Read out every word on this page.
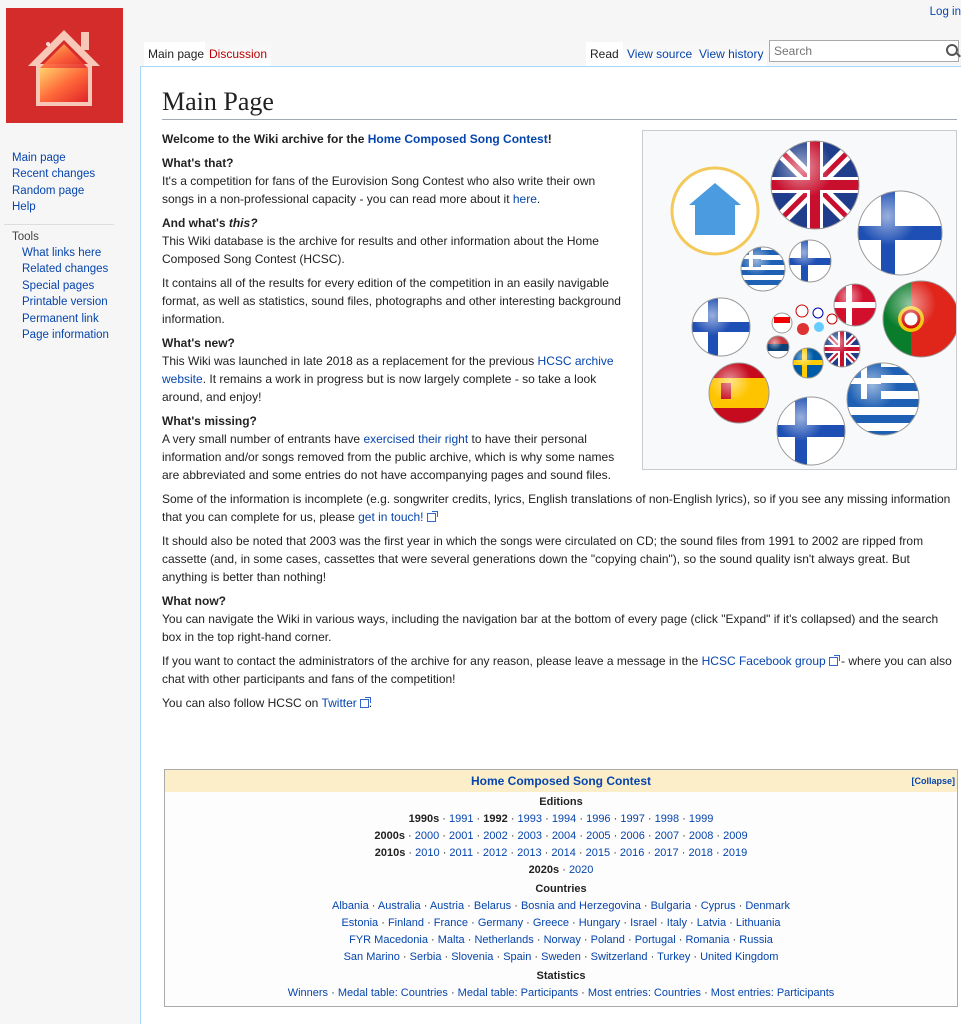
Log in
Main page
Recent changes
Random page
Help
Tools
What links here
Related changes
Special pages
Printable version
Permanent link
Page information
Main page Discussion	Read View source View history
Search
Main Page

Welcome to the Wiki archive for the Home Composed Song Contest!

What's that?

It's a competition for fans of the Eurovision Song Contest who also write their own songs in a non-professional capacity - you can read more about it here.

And what's this?

This Wiki database is the archive for results and other information about the Home Composed Song Contest (HCSC).

It contains all of the results for every edition of the competition in an easily navigable format, as well as statistics, sound files, photographs and other interesting background information.

What's new?

This Wiki was launched in late 2018 as a replacement for the previous HCSC archive website. It remains a work in progress but is now largely complete - so take a look around, and enjoy!

What's missing?

A very small number of entrants have exercised their right to have their personal information and/or songs removed from the public archive, which is why some names are abbreviated and some entries do not have accompanying pages and sound files.

Some of the information is incomplete (e.g. songwriter credits, lyrics, English translations of non-English lyrics), so if you see any missing information that you can complete for us, please get in touch!

It should also be noted that 2003 was the first year in which the songs were circulated on CD; the sound files from 1991 to 2002 are ripped from cassette (and, in some cases, cassettes that were several generations down the "copying chain"), so the sound quality isn't always great. But anything is better than nothing!

What now?

You can navigate the Wiki in various ways, including the navigation bar at the bottom of every page (click "Expand" if it's collapsed) and the search box in the top right-hand corner.

If you want to contact the administrators of the archive for any reason, please leave a message in the HCSC Facebook group - where you can also chat with other participants and fans of the competition!

You can also follow HCSC on Twitter .

Home Composed Song Contest	[Collapse]
Editions
1990s · 1991 · 1992 · 1993 · 1994 · 1996 · 1997 · 1998 · 1999
2000s · 2000 · 2001 · 2002 · 2003 · 2004 · 2005 · 2006 · 2007 · 2008 · 2009
2010s · 2010 · 2011 · 2012 · 2013 · 2014 · 2015 · 2016 · 2017 · 2018 · 2019
2020s · 2020
Countries
Albania · Australia · Austria · Belarus · Bosnia and Herzegovina · Bulgaria · Cyprus · Denmark
Estonia · Finland · France · Germany · Greece · Hungary · Israel · Italy · Latvia · Lithuania
FYR Macedonia · Malta · Netherlands · Norway · Poland · Portugal · Romania · Russia
San Marino · Serbia · Slovenia · Spain · Sweden · Switzerland · Turkey · United Kingdom
Statistics
Winners · Medal table: Countries · Medal table: Participants · Most entries: Countries · Most entries: Participants
